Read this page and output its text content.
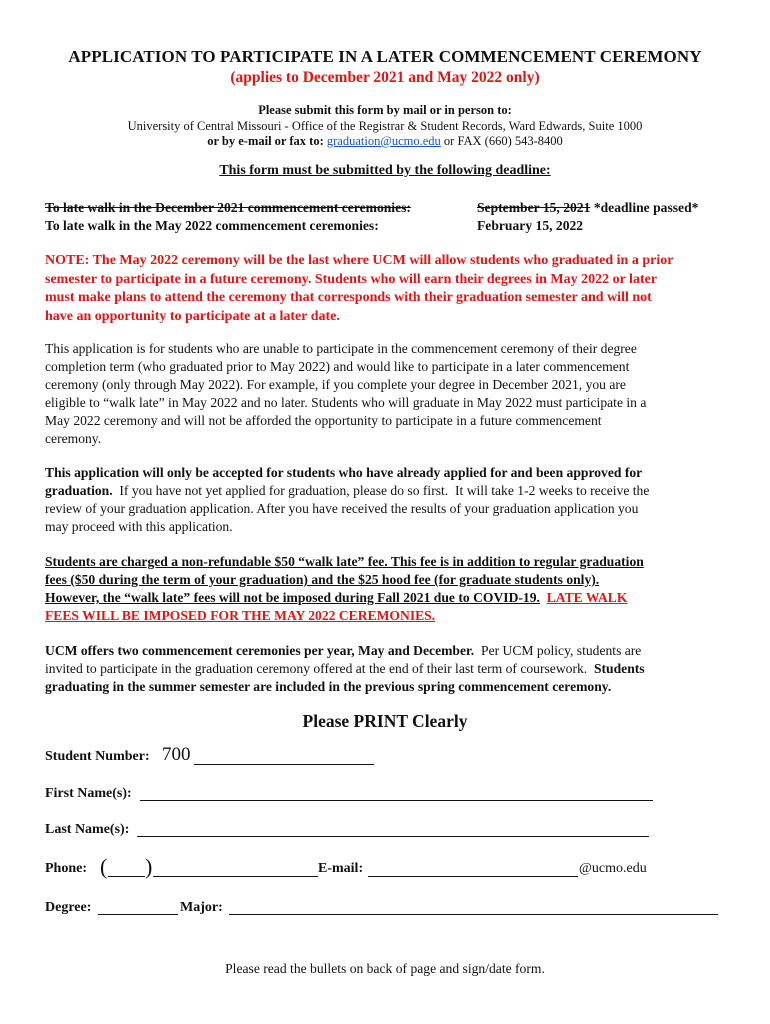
APPLICATION TO PARTICIPATE IN A LATER COMMENCEMENT CEREMONY

(applies to December 2021 and May 2022 only)

Please submit this form by mail or in person to:

University of Central Missouri - Office of the Registrar & Student Records, Ward Edwards, Suite 1000

or by e-mail or fax to: graduation@ucmo.edu or FAX (660) 543-8400

This form must be submitted by the following deadline:

To late walk in the December 2021 commencement ceremonies:	September 15, 2021 *deadline passed*
To late walk in the May 2022 commencement ceremonies:	February 15, 2022
NOTE: The May 2022 ceremony will be the last where UCM will allow students who graduated in a prior
semester to participate in a future ceremony. Students who will earn their degrees in May 2022 or later
must make plans to attend the ceremony that corresponds with their graduation semester and will not
have an opportunity to participate at a later date.
This application is for students who are unable to participate in the commencement ceremony of their degree
completion term (who graduated prior to May 2022) and would like to participate in a later commencement
ceremony (only through May 2022). For example, if you complete your degree in December 2021, you are
eligible to “walk late” in May 2022 and no later. Students who will graduate in May 2022 must participate in a
May 2022 ceremony and will not be afforded the opportunity to participate in a future commencement
ceremony.
This application will only be accepted for students who have already applied for and been approved for
graduation.  If you have not yet applied for graduation, please do so first.  It will take 1-2 weeks to receive the
review of your graduation application. After you have received the results of your graduation application you
may proceed with this application.
Students are charged a non-refundable $50 “walk late” fee. This fee is in addition to regular graduation
fees ($50 during the term of your graduation) and the $25 hood fee (for graduate students only).
However, the “walk late” fees will not be imposed during Fall 2021 due to COVID-19. LATE WALK
FEES WILL BE IMPOSED FOR THE MAY 2022 CEREMONIES.
UCM offers two commencement ceremonies per year, May and December.  Per UCM policy, students are
invited to participate in the graduation ceremony offered at the end of their last term of coursework. Students
graduating in the summer semester are included in the previous spring commencement ceremony.

Please PRINT Clearly

Student Number: 700
First Name(s):
Last Name(s):
Phone: ( )	E-mail:	@ucmo.edu
Degree:	Major:

Please read the bullets on back of page and sign/date form.
